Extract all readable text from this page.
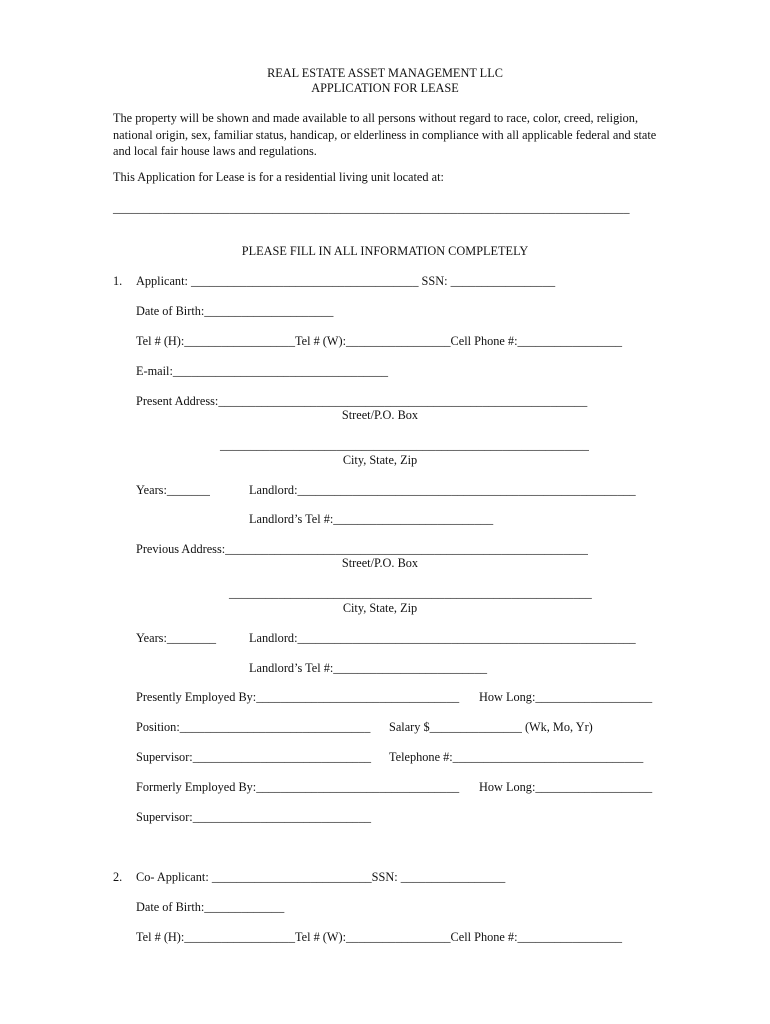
REAL ESTATE ASSET MANAGEMENT LLC
APPLICATION FOR LEASE
The property will be shown and made available to all persons without regard to race, color, creed, religion, national origin, sex, familiar status, handicap, or elderliness in compliance with all applicable federal and state and local fair house laws and regulations.
This Application for Lease is for a residential living unit located at:
____________________________________________________________________________________
PLEASE FILL IN ALL INFORMATION COMPLETELY
1. Applicant: _____________________________________ SSN: _________________
Date of Birth:_____________________
Tel # (H):__________________Tel # (W):_________________Cell Phone #:_________________
E-mail:___________________________________
Present Address:____________________________________________________________
Street/P.O. Box
____________________________________________________________
City, State, Zip
Years:_______	Landlord:_______________________________________________________
Landlord’s Tel #:__________________________
Previous Address:___________________________________________________________
Street/P.O. Box
___________________________________________________________
City, State, Zip
Years:________	Landlord:_______________________________________________________
Landlord’s Tel #:_________________________
Presently Employed By:_________________________________ How Long:___________________
Position:_______________________________ Salary $_______________ (Wk, Mo, Yr)
Supervisor:_____________________________ Telephone #:_______________________________
Formerly Employed By:_________________________________ How Long:___________________
Supervisor:_____________________________
2. Co- Applicant: __________________________SSN: _________________
Date of Birth:_____________
Tel # (H):__________________Tel # (W):_________________Cell Phone #:_________________
